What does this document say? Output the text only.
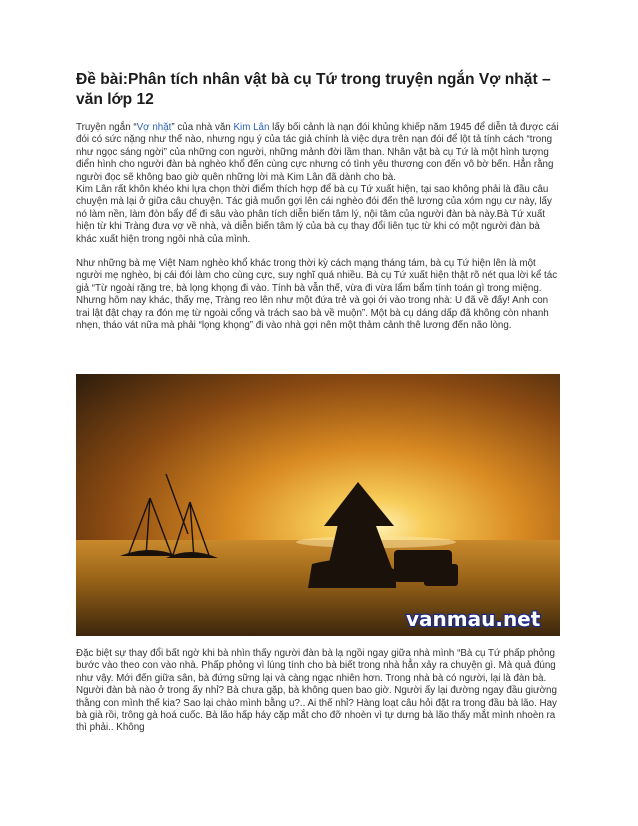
Đề bài:Phân tích nhân vật bà cụ Tứ trong truyện ngắn Vợ nhặt – văn lớp 12

Truyện ngắn “Vợ nhặt” của nhà văn Kim Lân lấy bối cảnh là nạn đói khủng khiếp năm 1945 để diễn tả được cái đói có sức nặng như thế nào, nhưng ngụ ý của tác giả chính là việc dựa trên nạn đói để lột tả tính cách “trong như ngọc sáng ngời” của những con người, những mảnh đời lầm than. Nhân vật bà cụ Tứ là một hình tượng điển hình cho người đàn bà nghèo khổ đến cùng cực nhưng có tình yêu thương con đến vô bờ bến. Hẳn rằng người đọc sẽ không bao giờ quên những lời mà Kim Lân đã dành cho bà.

Kim Lân rất khôn khéo khi lựa chọn thời điểm thích hợp để bà cụ Tứ xuất hiện, tại sao không phải là đầu câu chuyện mà lại ở giữa câu chuyện. Tác giả muốn gợi lên cái nghèo đói đến thê lương của xóm ngụ cư này, lấy nó làm nền, làm đòn bẩy để đi sâu vào phân tích diễn biến tâm lý, nội tâm của người đàn bà này.Bà Tứ xuất hiện từ khi Tràng đưa vợ về nhà, và diễn biến tâm lý của bà cụ thay đổi liên tục từ khi có một người đàn bà khác xuất hiện trong ngôi nhà của mình.

Như những bà mẹ Việt Nam nghèo khổ khác trong thời kỳ cách mạng tháng tám, bà cụ Tứ hiện lên là một người mẹ nghèo, bị cái đói làm cho cùng cực, suy nghĩ quá nhiều. Bà cụ Tứ xuất hiện thật rõ nét qua lời kể tác giả “Từ ngoài rặng tre, bà lọng khọng đi vào. Tính bà vẫn thế, vừa đi vừa lẩm bẩm tính toán gì trong miệng. Nhưng hôm nay khác, thấy mẹ, Tràng reo lên như một đứa trẻ và gọi ới vào trong nhà: U đã về đấy! Anh con trai lật đật chạy ra đón mẹ từ ngoài cổng và trách sao bà về muộn”. Một bà cụ dáng dấp đã không còn nhanh nhẹn, tháo vát nữa mà phải “lọng khọng” đi vào nhà gợi nên một thảm cảnh thê lương đến não lòng.

vanmau.net

Đặc biệt sự thay đổi bất ngờ khi bà nhìn thấy người đàn bà lạ ngồi ngay giữa nhà mình “Bà cụ Tứ phấp phỏng bước vào theo con vào nhà. Phấp phỏng vì lúng tính cho bà biết trong nhà hẳn xảy ra chuyện gì. Mà quả đúng như vậy. Mới đến giữa sân, bà đứng sững lại và càng ngạc nhiên hơn. Trong nhà bà có người, lại là đàn bà. Người đàn bà nào ở trong ấy nhỉ? Bà chưa gặp, bà không quen bao giờ. Người ấy lại đường ngay đầu giường thằng con mình thế kia? Sao lại chào mình bằng u?.. Ai thế nhỉ? Hàng loạt câu hỏi đặt ra trong đầu bà lão. Hay bà già rồi, trông gà hoá cuốc. Bà lão hấp háy cặp mắt cho đỡ nhoèn vì tự dưng bà lão thấy mắt mình nhoèn ra thì phải.. Không
